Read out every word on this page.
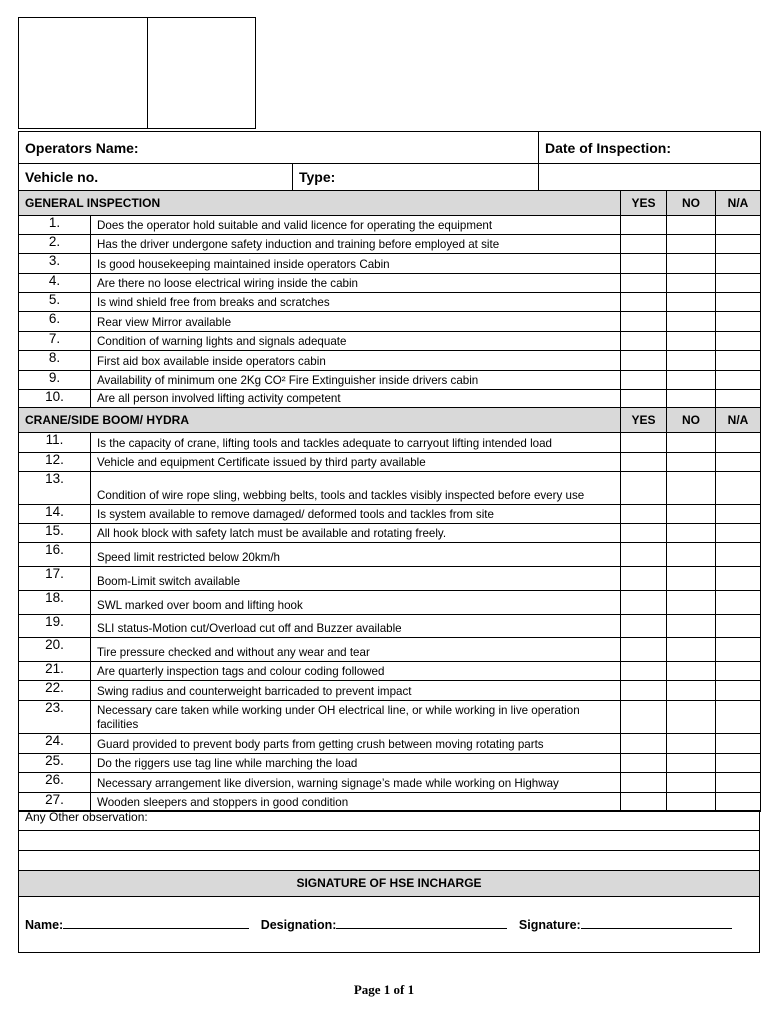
Operators Name:		Date of Inspection:
Vehicle no.	Type:	
GENERAL INSPECTION		YES	NO	N/A
1.	Does the operator hold suitable and valid licence for operating the equipment			
2.	Has the driver undergone safety induction and training before employed at site			
3.	Is good housekeeping maintained inside operators Cabin			
4.	Are there no loose electrical wiring inside the cabin			
5.	Is wind shield free from breaks and scratches			
6.	Rear view Mirror available			
7.	Condition of warning lights and signals adequate			
8.	First aid box available inside operators cabin			
9.	Availability of minimum one 2Kg CO² Fire Extinguisher inside drivers cabin			
10.	Are all person involved lifting activity competent			
CRANE/SIDE BOOM/ HYDRA		YES	NO	N/A
11.	Is the capacity of crane, lifting tools and tackles adequate to carryout lifting intended load			
12.	Vehicle and equipment Certificate issued by third party available			
13.	Condition of wire rope sling, webbing belts, tools and tackles visibly inspected before every use			
14.	Is system available to remove damaged/ deformed tools and tackles from site			
15.	All hook block with safety latch must be available and rotating freely.			
16.	Speed limit restricted below 20km/h			
17.	Boom-Limit switch available			
18.	SWL marked over boom and lifting hook			
19.	SLI status-Motion cut/Overload cut off and Buzzer available			
20.	Tire pressure checked and without any wear and tear			
21.	Are quarterly inspection tags and colour coding followed			
22.	Swing radius and counterweight barricaded to prevent impact			
23.	Necessary care taken while working under OH electrical line, or while working in live operation facilities			
24.	Guard provided to prevent body parts from getting crush between moving rotating parts			
25.	Do the riggers use tag line while marching the load			
26.	Necessary arrangement like diversion, warning signage’s made while working on Highway			
27.	Wooden sleepers and stoppers in good condition			
Any Other observation:

SIGNATURE OF HSE INCHARGE
Name:	Designation:	Signature:
Page 1 of 1
